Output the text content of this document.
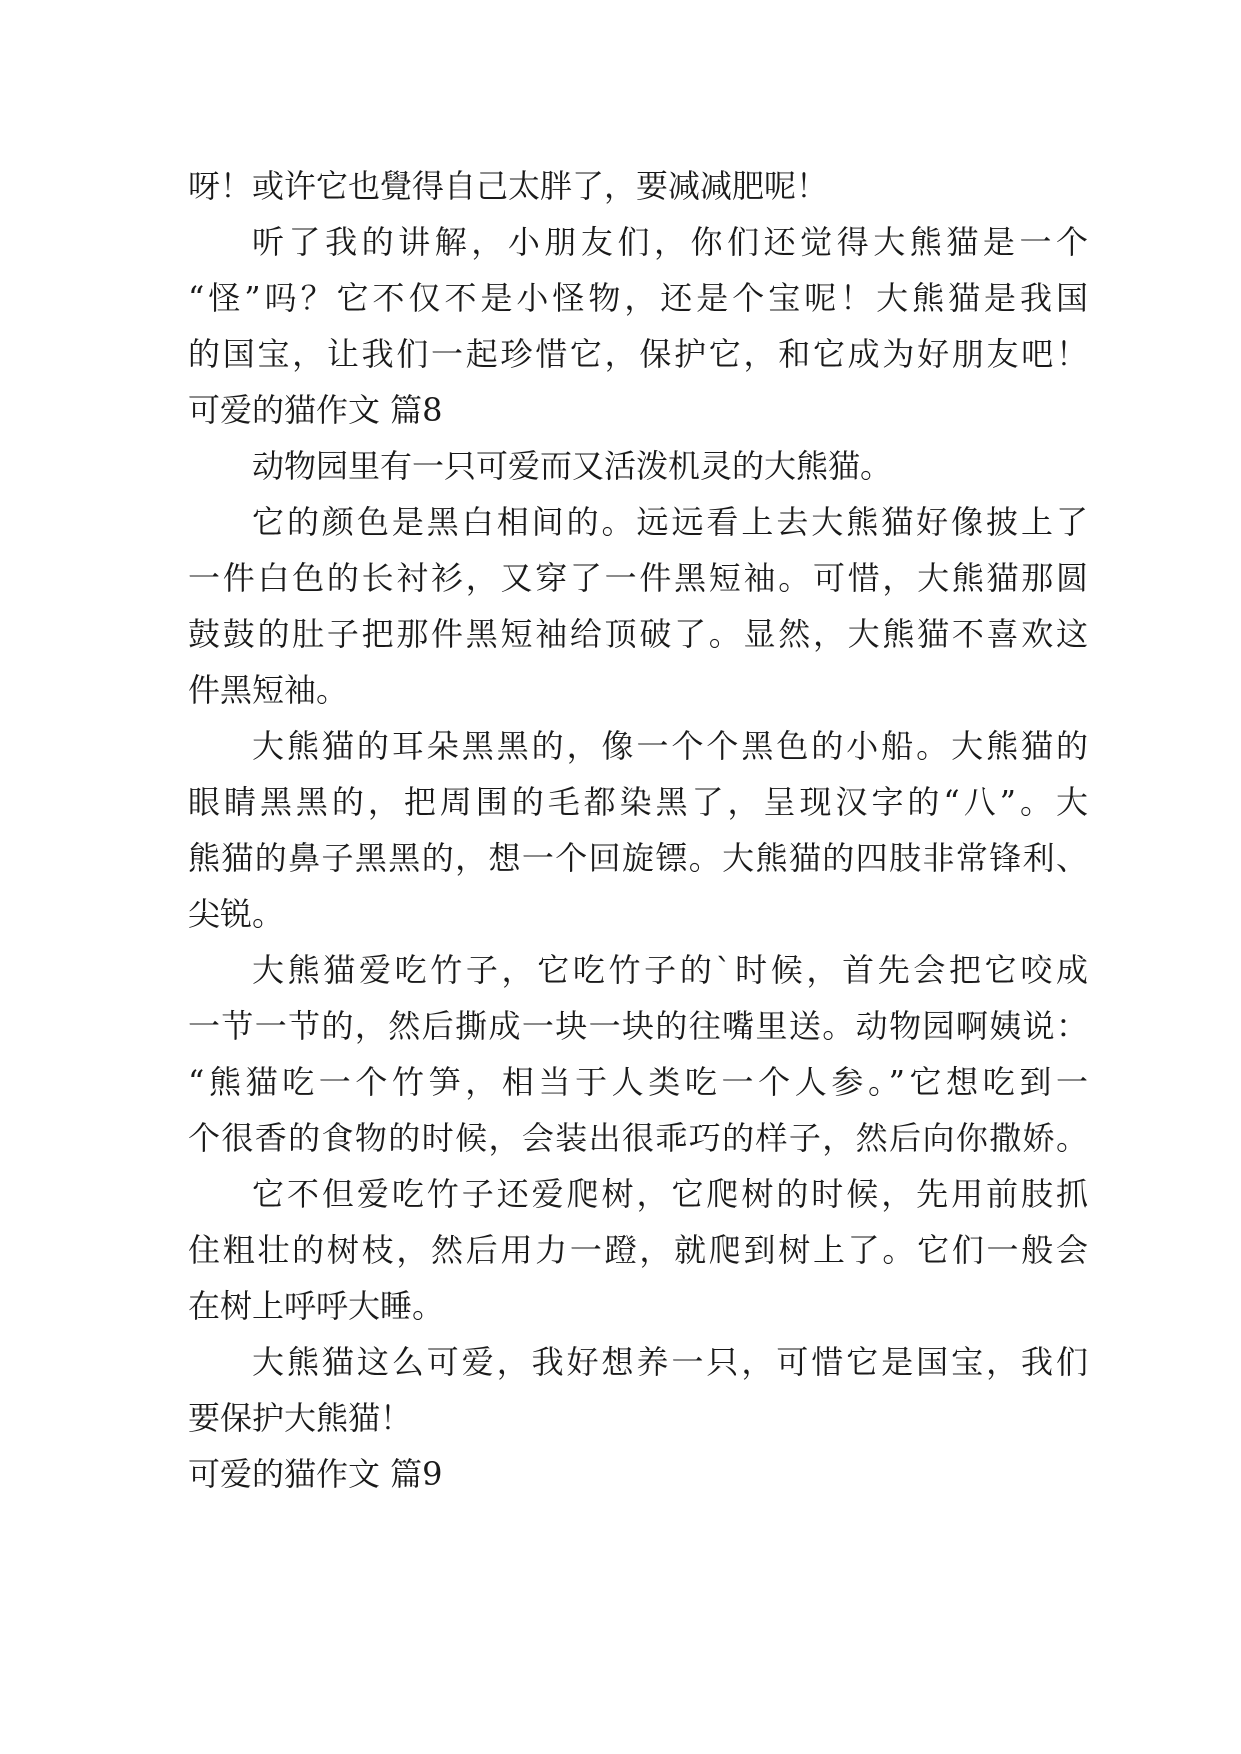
呀！或许它也覺得自己太胖了，要减减肥呢！
听了我的讲解，小朋友们，你们还觉得大熊猫是一个
“怪”吗？它不仅不是小怪物，还是个宝呢！大熊猫是我国
的国宝，让我们一起珍惜它，保护它，和它成为好朋友吧！
可爱的猫作文 篇8
动物园里有一只可爱而又活泼机灵的大熊猫。
它的颜色是黑白相间的。远远看上去大熊猫好像披上了
一件白色的长衬衫，又穿了一件黑短袖。可惜，大熊猫那圆
鼓鼓的肚子把那件黑短袖给顶破了。显然，大熊猫不喜欢这
件黑短袖。
大熊猫的耳朵黑黑的，像一个个黑色的小船。大熊猫的
眼睛黑黑的，把周围的毛都染黑了，呈现汉字的“八”。大
熊猫的鼻子黑黑的，想一个回旋镖。大熊猫的四肢非常锋利、
尖锐。
大熊猫爱吃竹子，它吃竹子的`时候，首先会把它咬成
一节一节的，然后撕成一块一块的往嘴里送。动物园啊姨说：
“熊猫吃一个竹笋，相当于人类吃一个人参。”它想吃到一
个很香的食物的时候，会装出很乖巧的样子，然后向你撒娇。
它不但爱吃竹子还爱爬树，它爬树的时候，先用前肢抓
住粗壮的树枝，然后用力一蹬，就爬到树上了。它们一般会
在树上呼呼大睡。
大熊猫这么可爱，我好想养一只，可惜它是国宝，我们
要保护大熊猫！
可爱的猫作文 篇9
